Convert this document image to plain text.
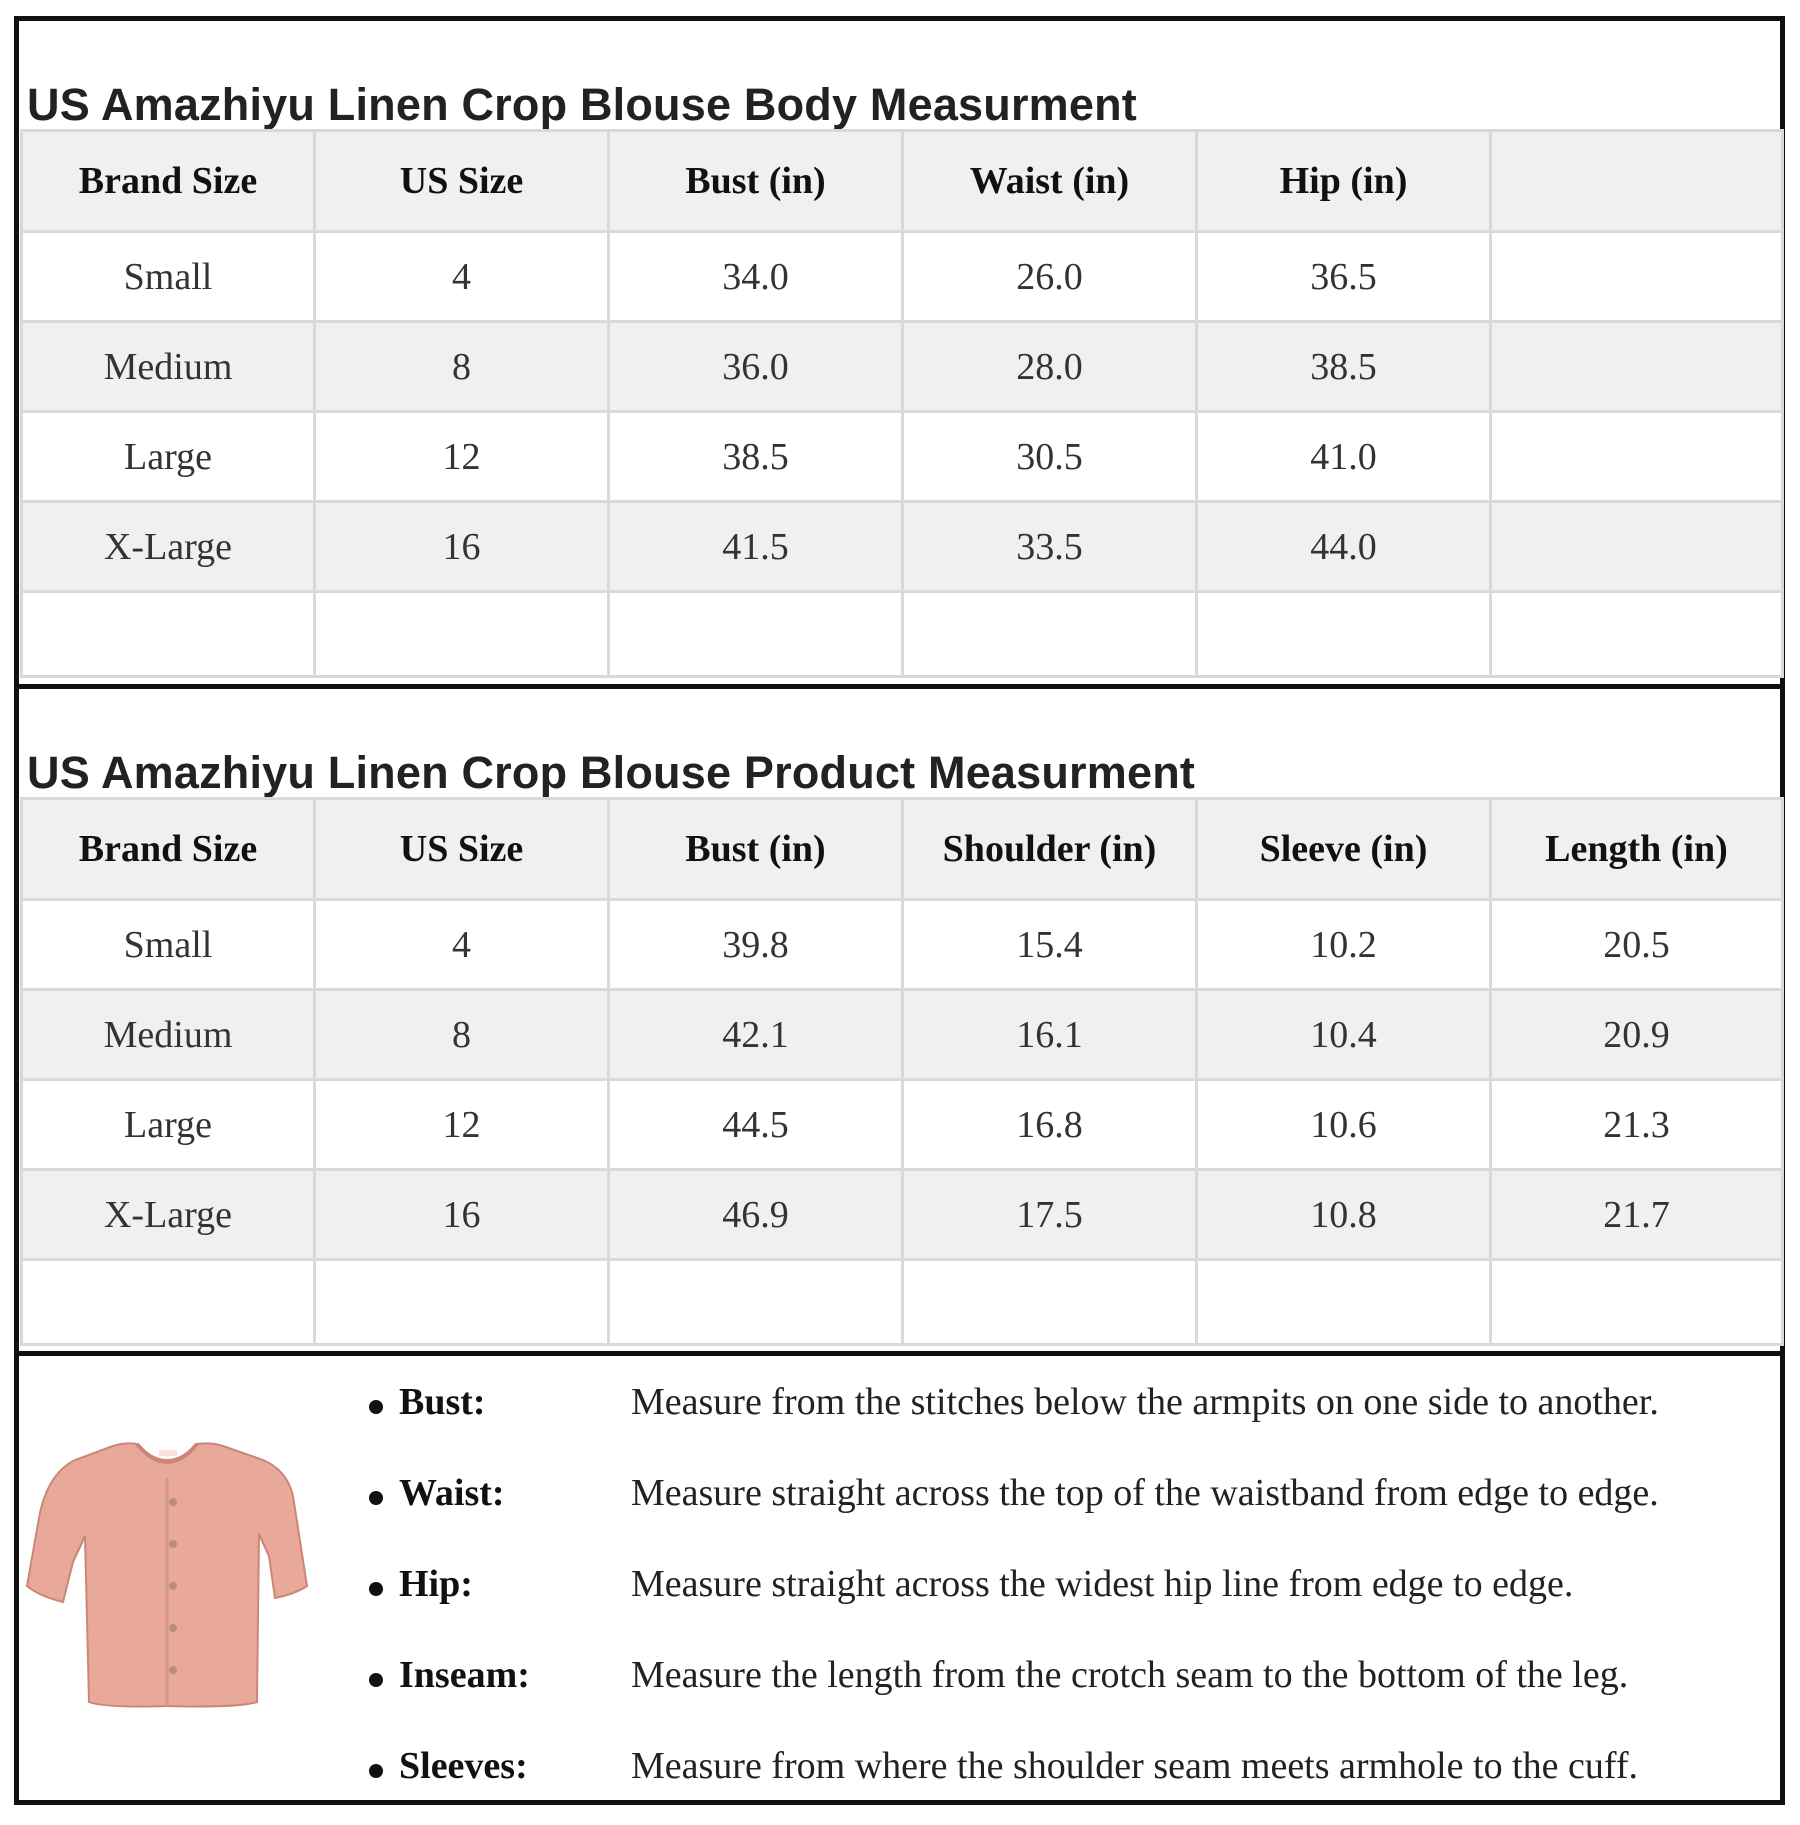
US Amazhiyu Linen Crop Blouse Body Measurment
Brand Size	US Size	Bust (in)	Waist (in)	Hip (in)	
Small	4	34.0	26.0	36.5	
Medium	8	36.0	28.0	38.5	
Large	12	38.5	30.5	41.0	
X-Large	16	41.5	33.5	44.0	

US Amazhiyu Linen Crop Blouse Product Measurment
Brand Size	US Size	Bust (in)	Shoulder (in)	Sleeve (in)	Length (in)
Small	4	39.8	15.4	10.2	20.5
Medium	8	42.1	16.1	10.4	20.9
Large	12	44.5	16.8	10.6	21.3
X-Large	16	46.9	17.5	10.8	21.7

Bust:	Measure from the stitches below the armpits on one side to another.
Waist:	Measure straight across the top of the waistband from edge to edge.
Hip:	Measure straight across the widest hip line from edge to edge.
Inseam:	Measure the length from the crotch seam to the bottom of the leg.
Sleeves:	Measure from where the shoulder seam meets armhole to the cuff.
